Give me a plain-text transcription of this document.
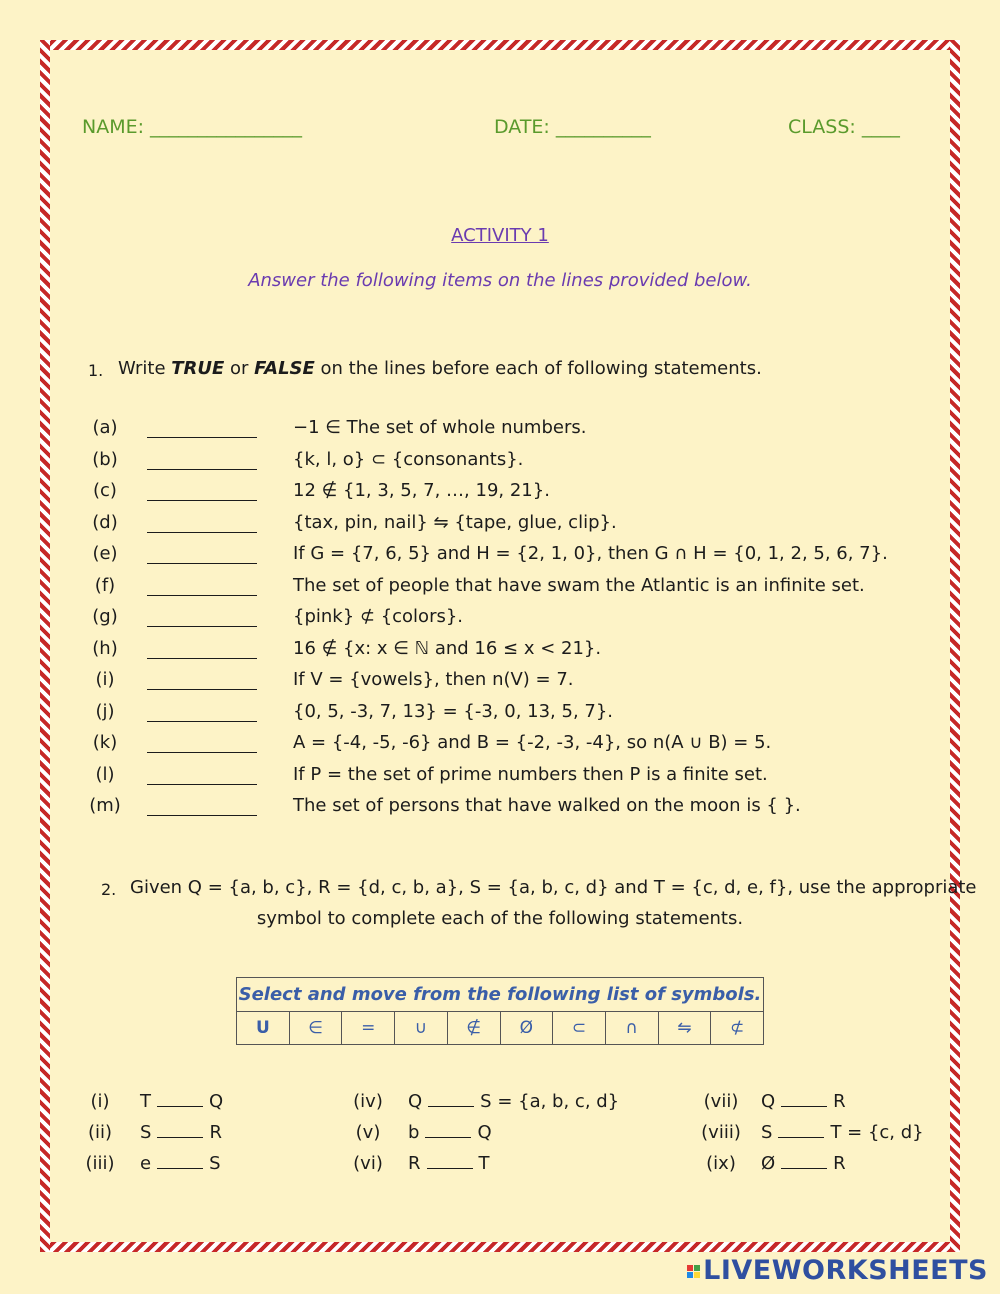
NAME: ________________	DATE: __________	CLASS: ____
ACTIVITY 1
Answer the following items on the lines provided below.
1. Write TRUE or FALSE on the lines before each of following statements.
(a)	−1 ∈ The set of whole numbers.
(b)	{k, l, o} ⊂ {consonants}.
(c)	12 ∉ {1, 3, 5, 7, …, 19, 21}.
(d)	{tax, pin, nail} ⇋ {tape, glue, clip}.
(e)	If G = {7, 6, 5} and H = {2, 1, 0}, then G ∩ H = {0, 1, 2, 5, 6, 7}.
(f)	The set of people that have swam the Atlantic is an infinite set.
(g)	{pink} ⊄ {colors}.
(h)	16 ∉ {x: x ∈ ℕ and 16 ≤ x < 21}.
(i)	If V = {vowels}, then n(V) = 7.
(j)	{0, 5, -3, 7, 13} = {-3, 0, 13, 5, 7}.
(k)	A = {-4, -5, -6} and B = {-2, -3, -4}, so n(A ∪ B) = 5.
(l)	If P = the set of prime numbers then P is a finite set.
(m)	The set of persons that have walked on the moon is { }.
2. Given Q = {a, b, c}, R = {d, c, b, a}, S = {a, b, c, d} and T = {c, d, e, f}, use the appropriate
symbol to complete each of the following statements.
Select and move from the following list of symbols.
U	∈	=	∪	∉	Ø	⊂	∩	⇋	⊄
(i) T	Q
(ii) S	R
(iii) e	S
(iv) Q	S = {a, b, c, d}
(v) b	Q
(vi) R	T
(vii) Q	R
(viii) S	T = {c, d}
(ix) Ø	R
LIVEWORKSHEETS
